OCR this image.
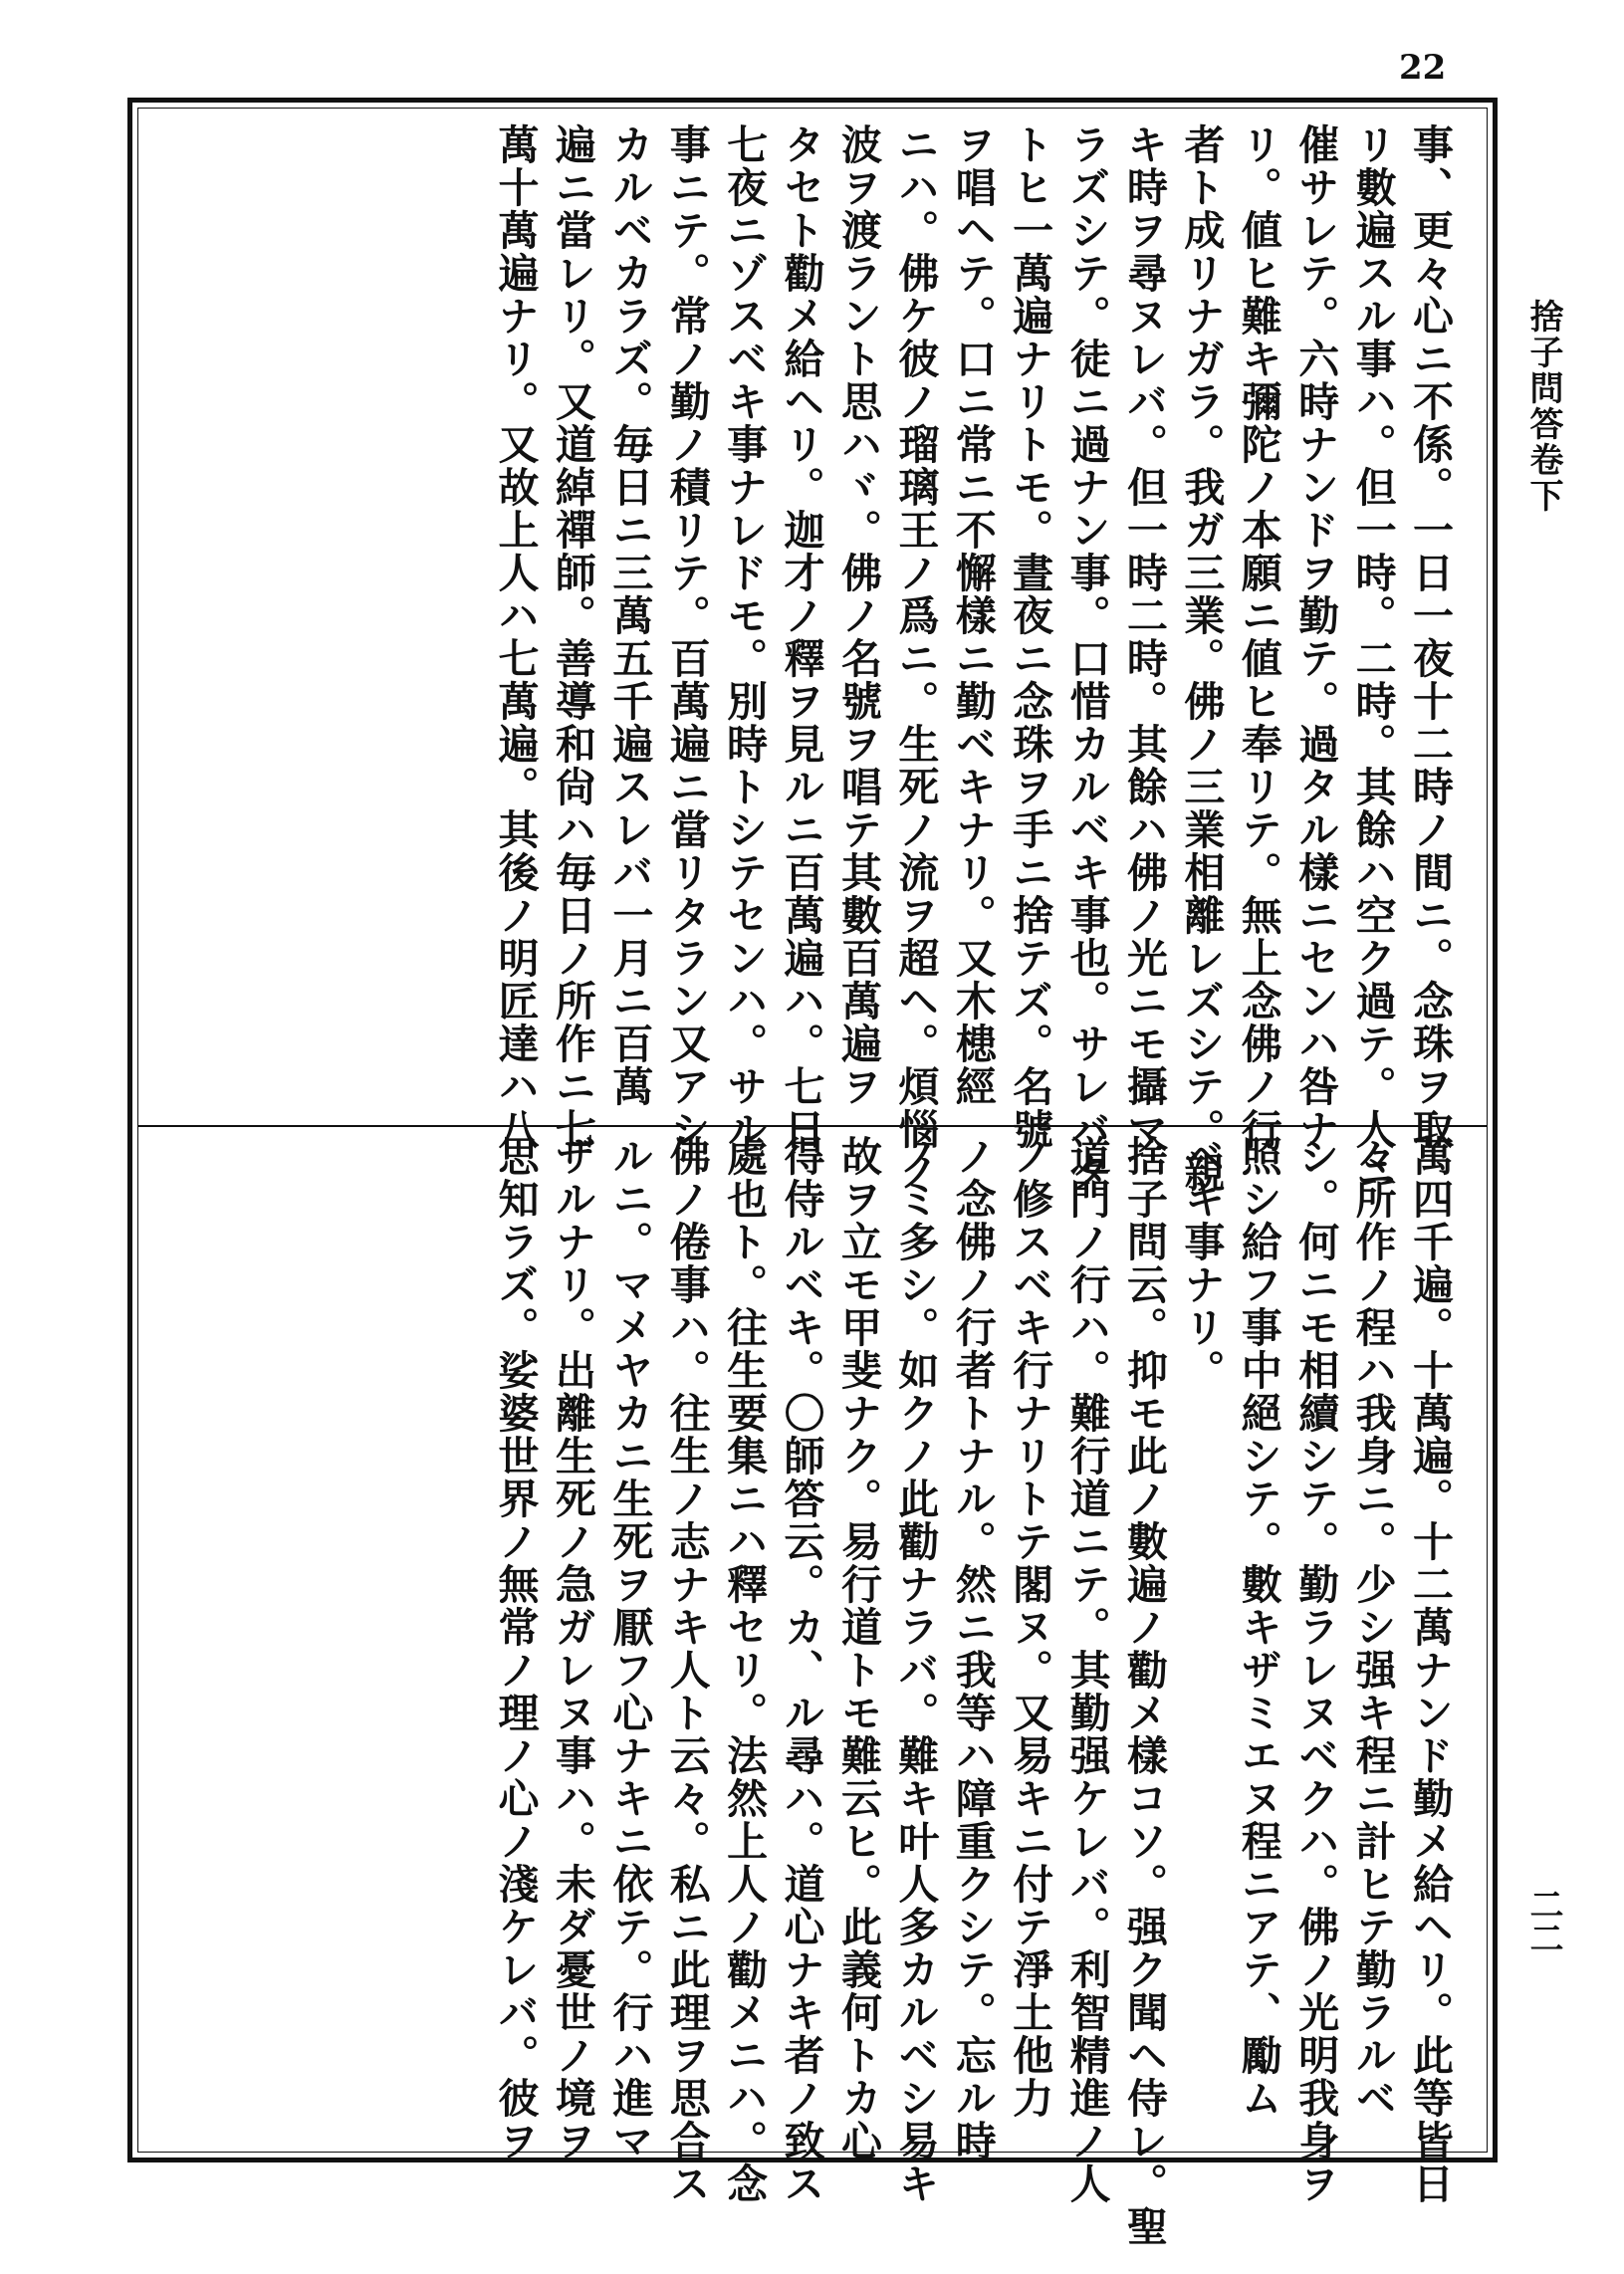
22
捨子問答卷下
二二
事、更々心ニ不係。一日一夜十二時ノ間ニ。念珠ヲ取
リ數遍スル事ハ。但一時。二時。其餘ハ空ク過テ。人ニ
催サレテ。六時ナンドヲ勤テ。過タル樣ニセンハ咎ナ
リ。値ヒ難キ彌陀ノ本願ニ値ヒ奉リテ。無上念佛ノ行
者ト成リナガラ。我ガ三業。佛ノ三業相離レズシテ。親
キ時ヲ尋ヌレバ。但一時二時。其餘ハ佛ノ光ニモ攝マ
ラズシテ。徒ニ過ナン事。口惜カルベキ事也。サレバタ
トヒ一萬遍ナリトモ。晝夜ニ念珠ヲ手ニ捨テズ。名號
ヲ唱ヘテ。口ニ常ニ不懈樣ニ勤ベキナリ。又木槵經
ニハ。佛ケ彼ノ瑠璃王ノ爲ニ。生死ノ流ヲ超ヘ。煩惱ノ
波ヲ渡ラント思ハヾ。佛ノ名號ヲ唱テ其數百萬遍ヲ
タセト勸メ給ヘリ。迦才ノ釋ヲ見ルニ百萬遍ハ。七日
七夜ニゾスベキ事ナレドモ。別時トシテセンハ。サル
事ニテ。常ノ勤ノ積リテ。百萬遍ニ當リタラン又アシ
カルベカラズ。毎日ニ三萬五千遍スレバ一月ニ百萬
遍ニ當レリ。又道綽禪師。善導和尙ハ毎日ノ所作ニ七
萬十萬遍ナリ。又故上人ハ七萬遍。其後ノ明匠達ハ八
萬四千遍。十萬遍。十二萬ナンド勤メ給ヘリ。此等皆日
々所作ノ程ハ我身ニ。少シ强キ程ニ計ヒテ勤ラルベ
シ。何ニモ相續シテ。勤ラレヌベクハ。佛ノ光明我身ヲ
照シ給フ事中絕シテ。數キザミエヌ程ニアテ、勵ム
ベキ事ナリ。
捨子問云。抑モ此ノ數遍ノ勸メ樣コソ。强ク聞ヘ侍レ。聖
道門ノ行ハ。難行道ニテ。其勤强ケレバ。利智精進ノ人
ノ修スベキ行ナリトテ閣ヌ。又易キニ付テ淨土他力
ノ念佛ノ行者トナル。然ニ我等ハ障重クシテ。忘ル時
ノミ多シ。如クノ此勸ナラバ。難キ叶人多カルベシ易キ
故ヲ立モ甲斐ナク。易行道トモ難云ヒ。此義何トカ心
得侍ルベキ。〇師答云。カ、ル尋ハ。道心ナキ者ノ致ス
處也ト。往生要集ニハ釋セリ。法然上人ノ勸メニハ。念
佛ノ倦事ハ。往生ノ志ナキ人ト云々。私ニ此理ヲ思合ス
ルニ。マメヤカニ生死ヲ厭フ心ナキニ依テ。行ハ進マ
ザルナリ。出離生死ノ急ガレヌ事ハ。未ダ憂世ノ境ヲ
思知ラズ。娑婆世界ノ無常ノ理ノ心ノ淺ケレバ。彼ヲ
